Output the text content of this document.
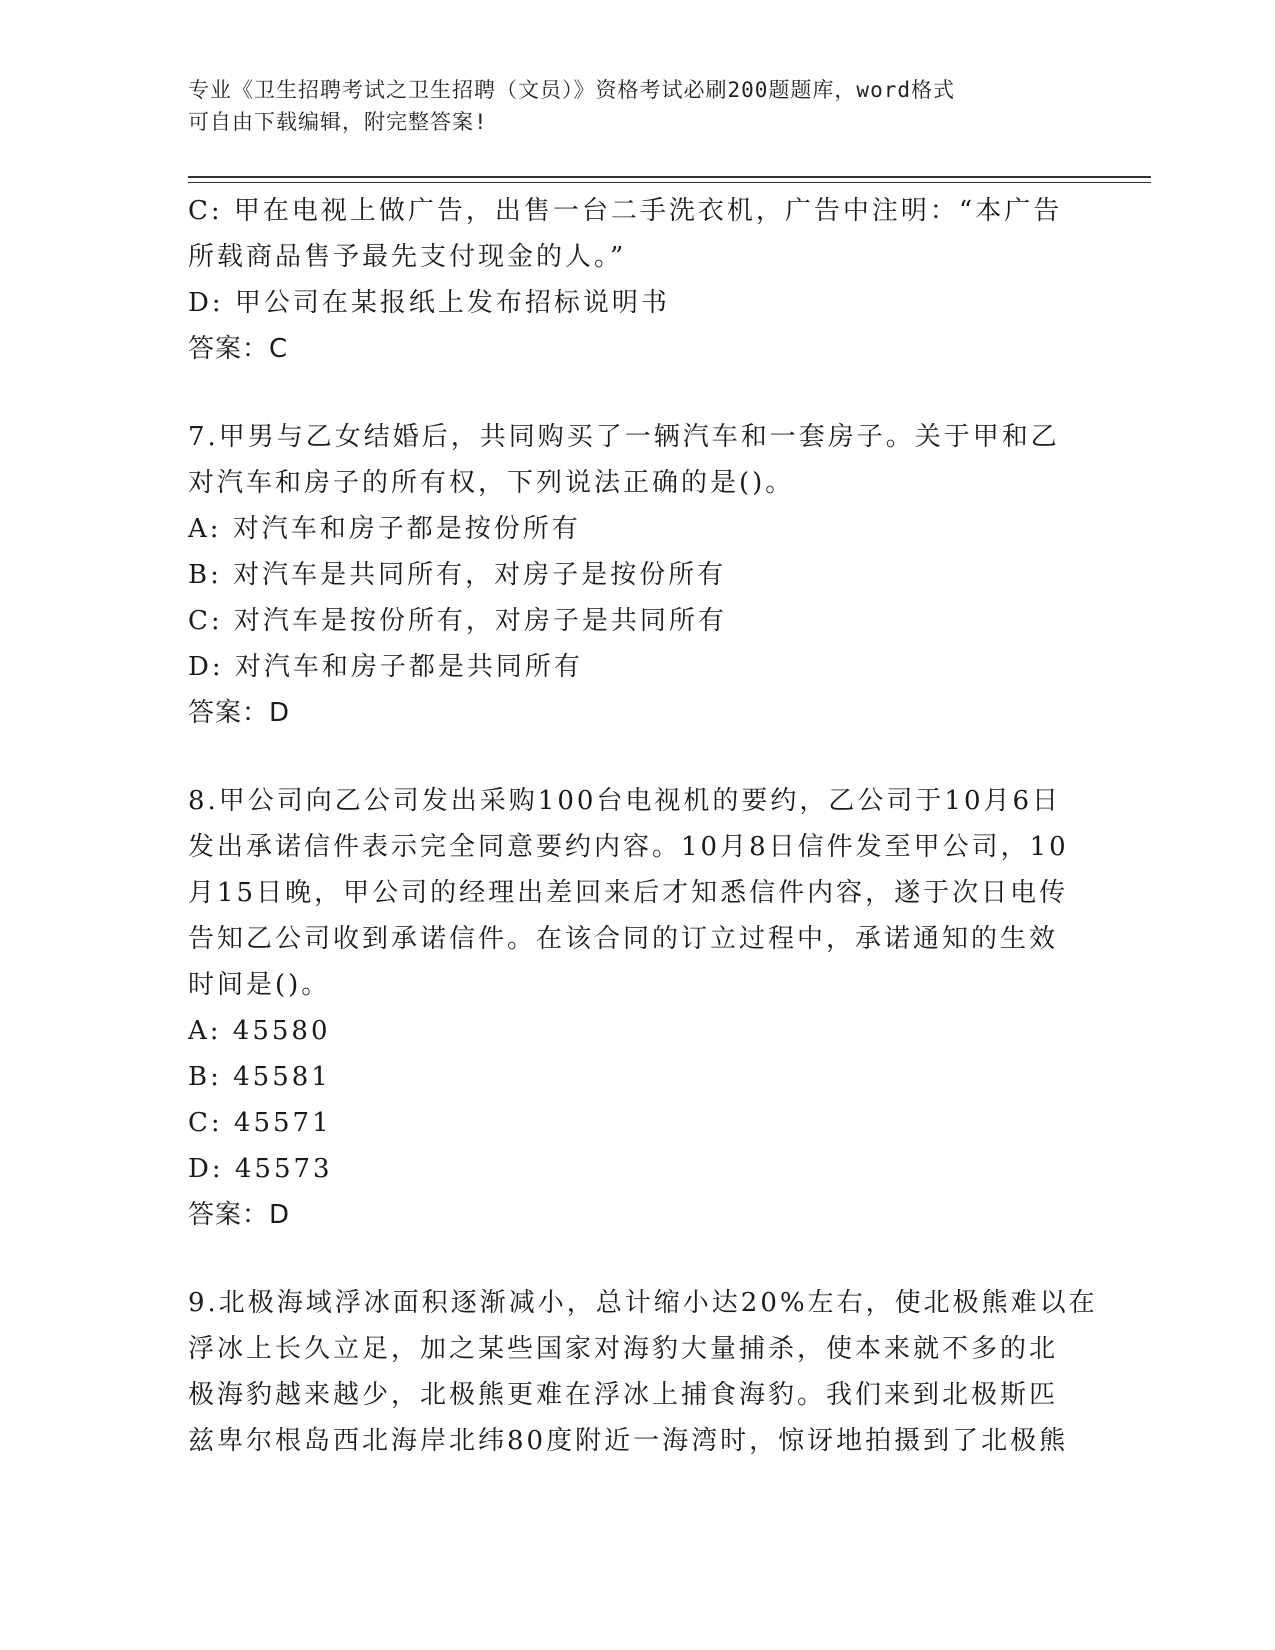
专业《卫生招聘考试之卫生招聘（文员）》资格考试必刷200题题库，word格式
可自由下载编辑，附完整答案!
C: 甲在电视上做广告，出售一台二手洗衣机，广告中注明：“本广告
所载商品售予最先支付现金的人。”
D: 甲公司在某报纸上发布招标说明书
答案：C
7.甲男与乙女结婚后，共同购买了一辆汽车和一套房子。关于甲和乙
对汽车和房子的所有权，下列说法正确的是()。
A: 对汽车和房子都是按份所有
B: 对汽车是共同所有，对房子是按份所有
C: 对汽车是按份所有，对房子是共同所有
D: 对汽车和房子都是共同所有
答案：D
8.甲公司向乙公司发出采购100台电视机的要约，乙公司于10月6日
发出承诺信件表示完全同意要约内容。10月8日信件发至甲公司，10
月15日晚，甲公司的经理出差回来后才知悉信件内容，遂于次日电传
告知乙公司收到承诺信件。在该合同的订立过程中，承诺通知的生效
时间是()。
A: 45580
B: 45581
C: 45571
D: 45573
答案：D
9.北极海域浮冰面积逐渐减小，总计缩小达20%左右，使北极熊难以在
浮冰上长久立足，加之某些国家对海豹大量捕杀，使本来就不多的北
极海豹越来越少，北极熊更难在浮冰上捕食海豹。我们来到北极斯匹
兹卑尔根岛西北海岸北纬80度附近一海湾时，惊讶地拍摄到了北极熊
